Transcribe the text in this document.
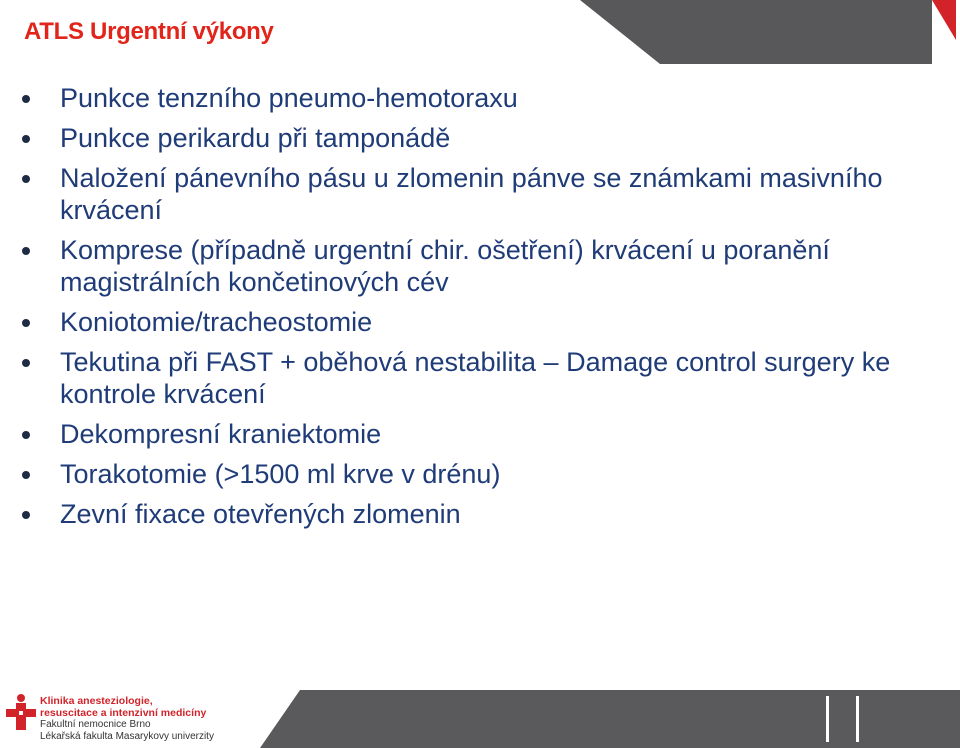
ATLS Urgentní výkony
Punkce tenzního pneumo-hemotoraxu
Punkce perikardu při tamponádě
Naložení pánevního pásu u zlomenin pánve se známkami masivního krvácení
Komprese (případně urgentní chir. ošetření) krvácení u poranění magistrálních končetinových cév
Koniotomie/tracheostomie
Tekutina při FAST + oběhová nestabilita – Damage control surgery ke kontrole krvácení
Dekompresní kraniektomie
Torakotomie (>1500 ml krve v drénu)
Zevní fixace otevřených zlomenin
Klinika anesteziologie,
resuscitace a intenzivní medicíny
Fakultní nemocnice Brno
Lékařská fakulta Masarykovy univerzity
